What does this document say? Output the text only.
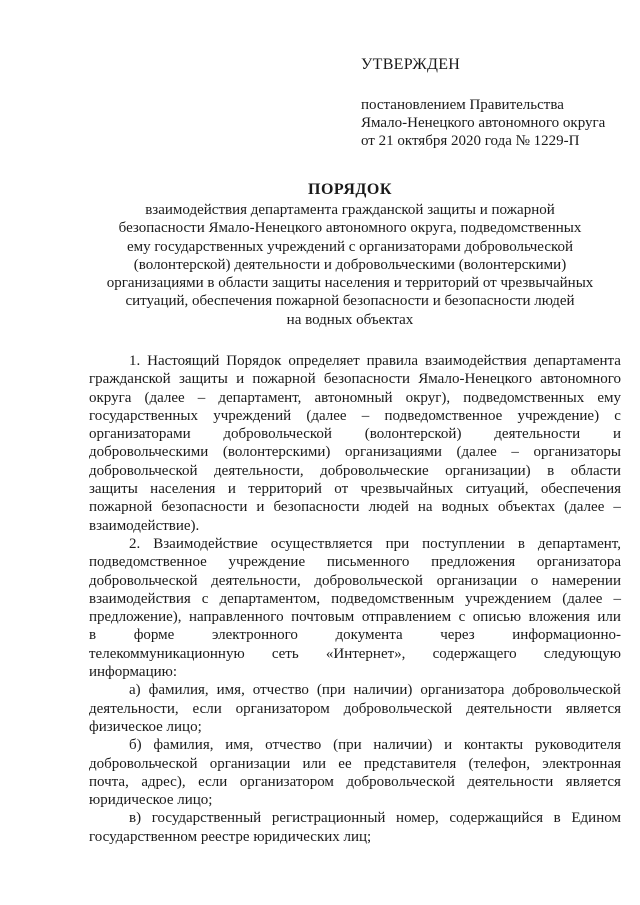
УТВЕРЖДЕН
постановлением Правительства
Ямало-Ненецкого автономного округа
от 21 октября 2020 года № 1229-П
ПОРЯДОК
взаимодействия департамента гражданской защиты и пожарной
безопасности Ямало-Ненецкого автономного округа, подведомственных
ему государственных учреждений с организаторами добровольческой
(волонтерской) деятельности и добровольческими (волонтерскими)
организациями в области защиты населения и территорий от чрезвычайных
ситуаций, обеспечения пожарной безопасности и безопасности людей
на водных объектах
1. Настоящий Порядок определяет правила взаимодействия департамента
гражданской защиты и пожарной безопасности Ямало-Ненецкого автономного
округа (далее – департамент, автономный округ), подведомственных ему
государственных учреждений (далее – подведомственное учреждение) с
организаторами добровольческой (волонтерской) деятельности и
добровольческими (волонтерскими) организациями (далее – организаторы
добровольческой деятельности, добровольческие организации) в области
защиты населения и территорий от чрезвычайных ситуаций, обеспечения
пожарной безопасности и безопасности людей на водных объектах (далее –
взаимодействие).
2. Взаимодействие осуществляется при поступлении в департамент,
подведомственное учреждение письменного предложения организатора
добровольческой деятельности, добровольческой организации о намерении
взаимодействия с департаментом, подведомственным учреждением (далее –
предложение), направленного почтовым отправлением с описью вложения или
в	форме	электронного	документа	через	информационно-
телекоммуникационную сеть «Интернет», содержащего следующую
информацию:
а) фамилия, имя, отчество (при наличии) организатора добровольческой
деятельности, если организатором добровольческой деятельности является
физическое лицо;
б) фамилия, имя, отчество (при наличии) и контакты руководителя
добровольческой организации или ее представителя (телефон, электронная
почта, адрес), если организатором добровольческой деятельности является
юридическое лицо;
в) государственный регистрационный номер, содержащийся в Едином
государственном реестре юридических лиц;
